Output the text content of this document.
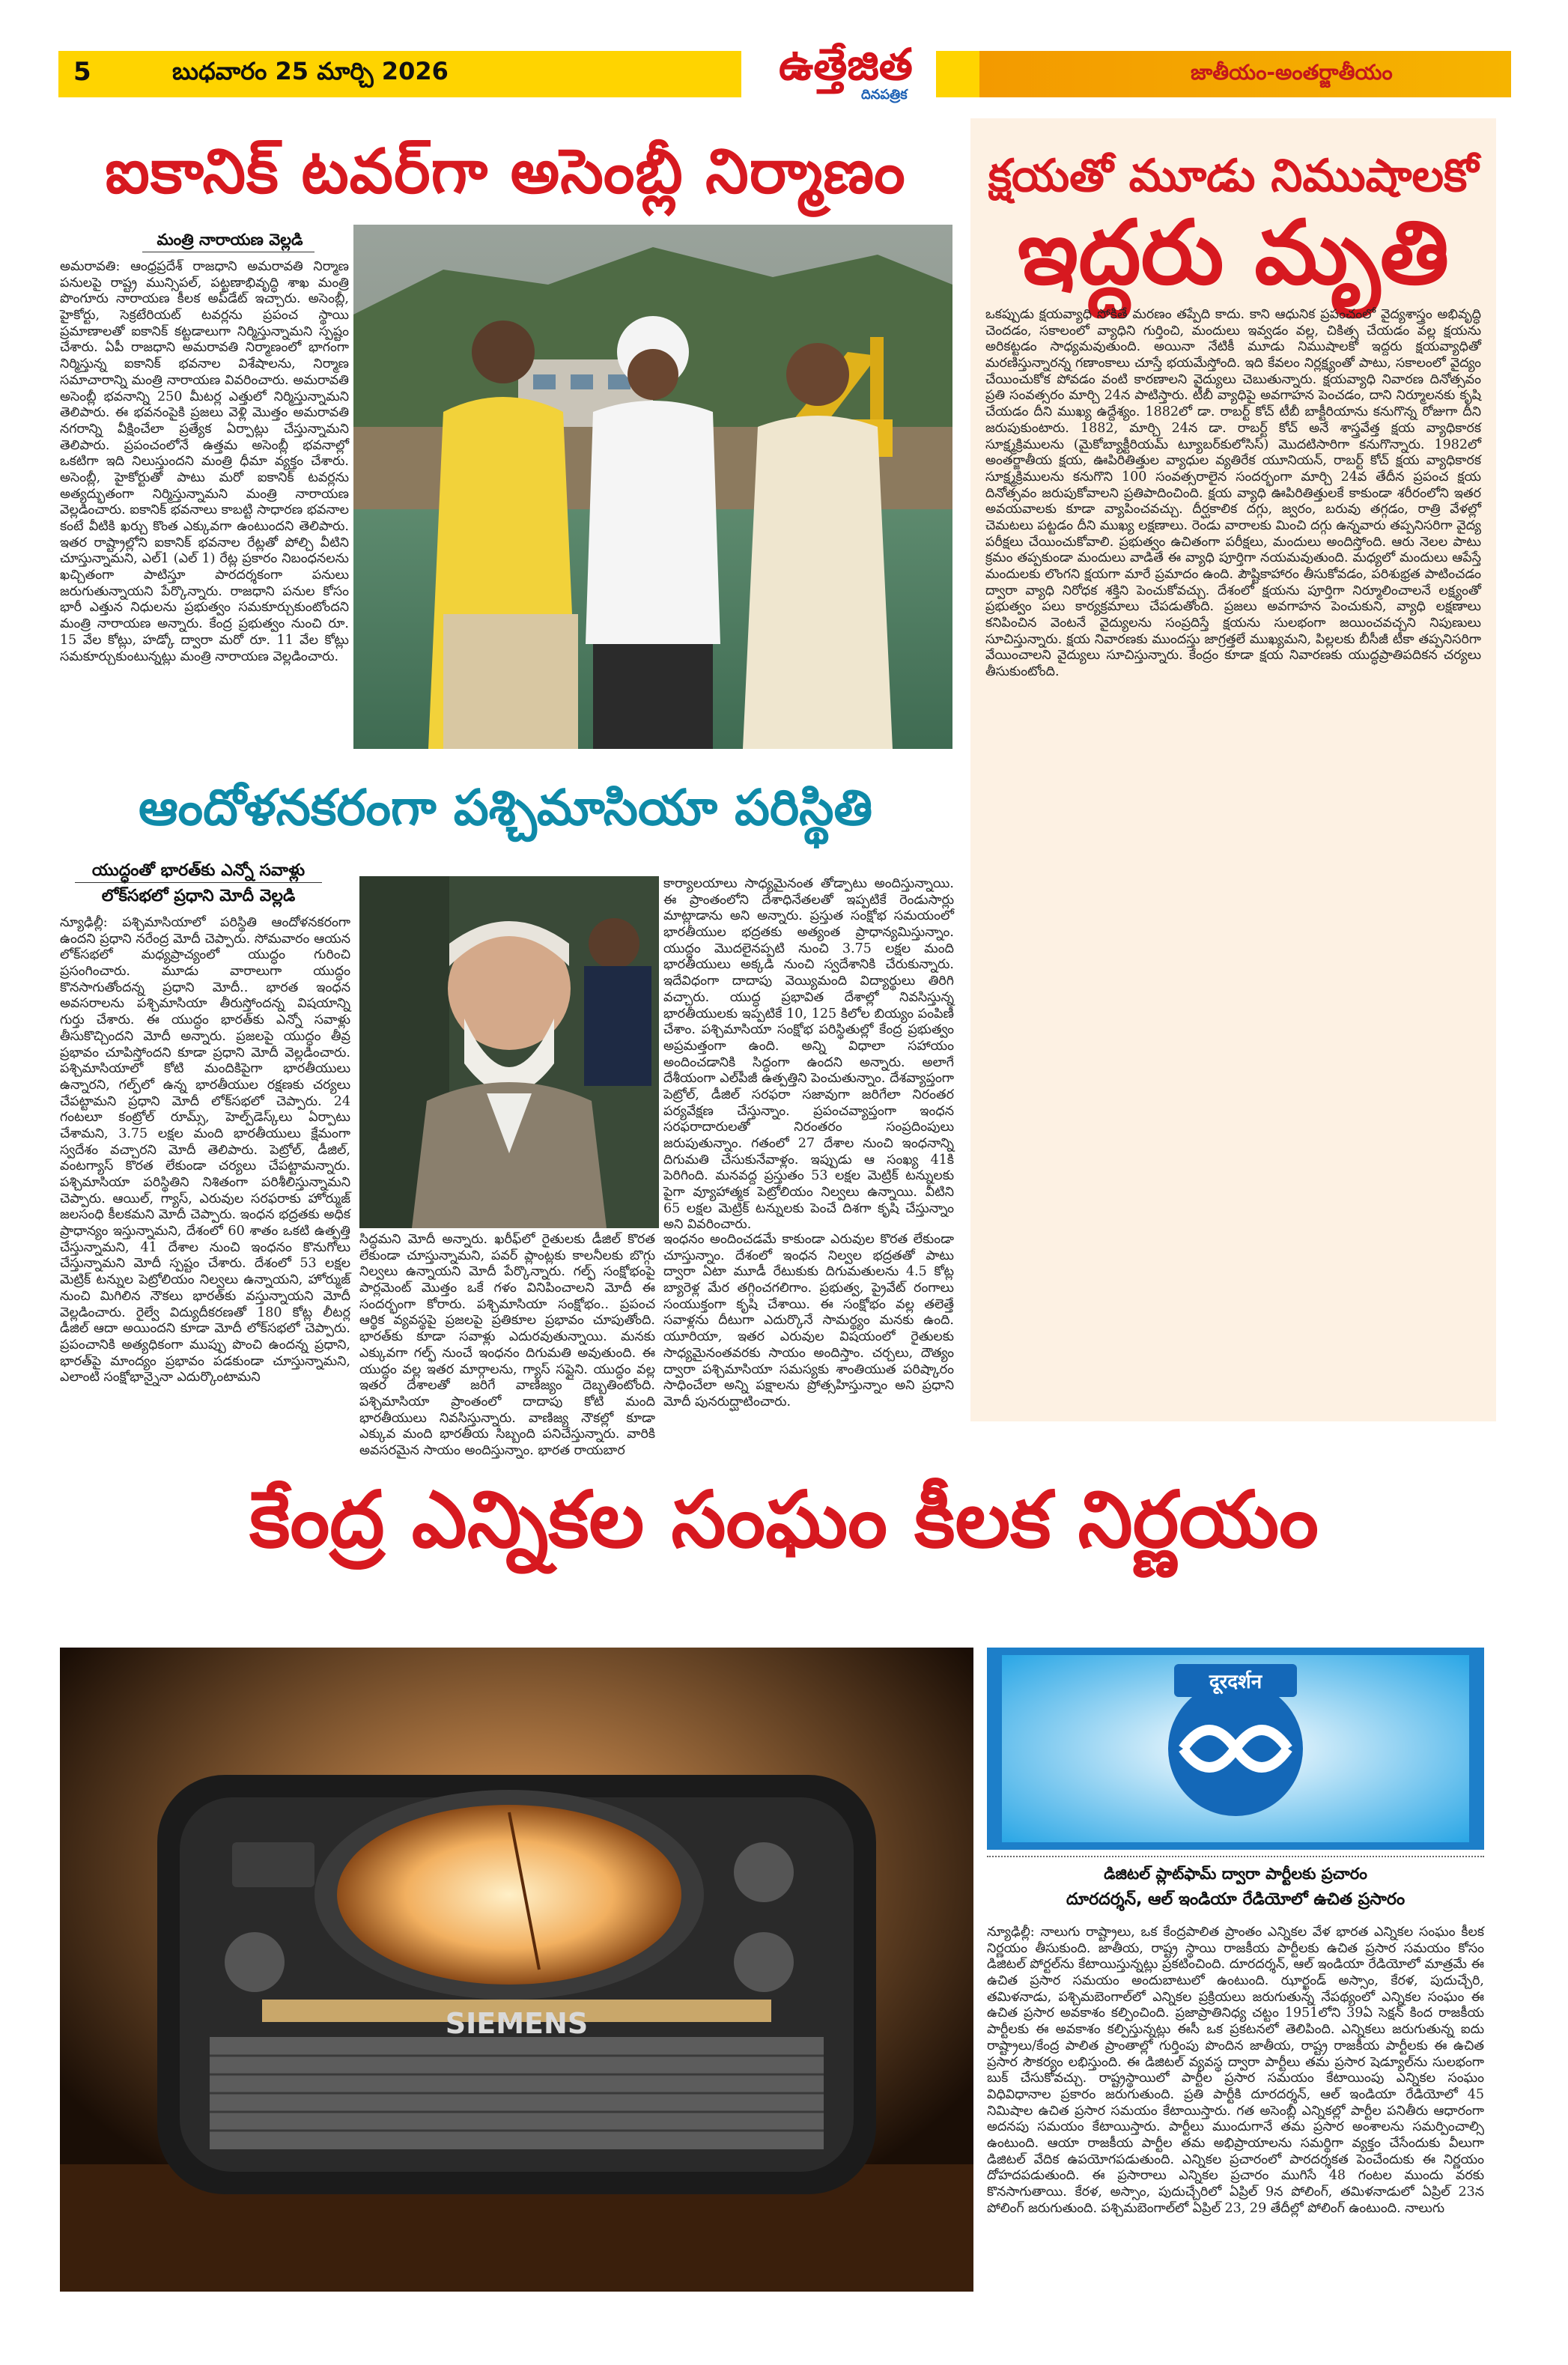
5	బుధవారం 25 మార్చి 2026	ఉత్తేజిత
దినపత్రిక
జాతీయం-అంతర్జాతీయం
ఐకానిక్ టవర్‌గా అసెంబ్లీ నిర్మాణం
మంత్రి నారాయణ వెల్లడి

అమరావతి: ఆంధ్రప్రదేశ్ రాజధాని అమరావతి నిర్మాణ పనులపై రాష్ట్ర మున్సిపల్, పట్టణాభివృద్ధి శాఖ మంత్రి పొంగూరు నారాయణ కీలక అప్‌డేట్ ఇచ్చారు. అసెంబ్లీ, హైకోర్టు, సెక్రటేరియట్ టవర్లను ప్రపంచ స్థాయి ప్రమాణాలతో ఐకానిక్ కట్టడాలుగా నిర్మిస్తున్నామని స్పష్టం చేశారు. ఏపీ రాజధాని అమరావతి నిర్మాణంలో భాగంగా నిర్మిస్తున్న ఐకానిక్ భవనాల విశేషాలను, నిర్మాణ సమాచారాన్ని మంత్రి నారాయణ వివరించారు. అమరావతి అసెంబ్లీ భవనాన్ని 250 మీటర్ల ఎత్తులో నిర్మిస్తున్నామని తెలిపారు. ఈ భవనంపైకి ప్రజలు వెళ్లి మొత్తం అమరావతి నగరాన్ని వీక్షించేలా ప్రత్యేక ఏర్పాట్లు చేస్తున్నామని తెలిపారు. ప్రపంచంలోనే ఉత్తమ అసెంబ్లీ భవనాల్లో ఒకటిగా ఇది నిలుస్తుందని మంత్రి ధీమా వ్యక్తం చేశారు. అసెంబ్లీ, హైకోర్టుతో పాటు మరో ఐకానిక్ టవర్లను అత్యద్భుతంగా నిర్మిస్తున్నామని మంత్రి నారాయణ వెల్లడించారు. ఐకానిక్ భవనాలు కాబట్టి సాధారణ భవనాల కంటే వీటికి ఖర్చు కొంత ఎక్కువగా ఉంటుందని తెలిపారు. ఇతర రాష్ట్రాల్లోని ఐకానిక్ భవనాల రేట్లతో పోల్చి వీటిని చూస్తున్నామని, ఎల్‌1 (ఎల్‌ 1) రేట్ల ప్రకారం నిబంధనలను ఖచ్చితంగా పాటిస్తూ పారదర్శకంగా పనులు జరుగుతున్నాయని పేర్కొన్నారు. రాజధాని పనుల కోసం భారీ ఎత్తున నిధులను ప్రభుత్వం సమకూర్చుకుంటోందని మంత్రి నారాయణ అన్నారు. కేంద్ర ప్రభుత్వం నుంచి రూ. 15 వేల కోట్లు, హడ్కో ద్వారా మరో రూ. 11 వేల కోట్లు సమకూర్చుకుంటున్నట్లు మంత్రి నారాయణ వెల్లడించారు.

ఆందోళనకరంగా పశ్చిమాసియా పరిస్థితి
యుద్ధంతో భారత్‌కు ఎన్నో సవాళ్లు
లోక్‌సభలో ప్రధాని మోదీ వెల్లడి

న్యూఢిల్లీ: పశ్చిమాసియాలో పరిస్థితి ఆందోళనకరంగా ఉందని ప్రధాని నరేంద్ర మోదీ చెప్పారు. సోమవారం ఆయన లోక్‌సభలో మధ్యప్రాచ్యంలో యుద్ధం గురించి ప్రసంగించారు. మూడు వారాలుగా యుద్ధం కొనసాగుతోందన్న ప్రధాని మోదీ.. భారత ఇంధన అవసరాలను పశ్చిమాసియా తీరుస్తోందన్న విషయాన్ని గుర్తు చేశారు. ఈ యుద్ధం భారత్‌కు ఎన్నో సవాళ్లు తీసుకొచ్చిందని మోదీ అన్నారు. ప్రజలపై యుద్ధం తీవ్ర ప్రభావం చూపిస్తోందని కూడా ప్రధాని మోదీ వెల్లడించారు. పశ్చిమాసియాలో కోటి మందికిపైగా భారతీయులు ఉన్నారని, గల్ఫ్‌లో ఉన్న భారతీయుల రక్షణకు చర్యలు చేపట్టామని ప్రధాని మోదీ లోక్‌సభలో చెప్పారు. 24 గంటలూ కంట్రోల్ రూమ్స్, హెల్ప్‌డెస్క్‌లు ఏర్పాటు చేశామని, 3.75 లక్షల మంది భారతీయులు క్షేమంగా స్వదేశం వచ్చారని మోదీ తెలిపారు. పెట్రోల్, డీజిల్, వంటగ్యాస్ కొరత లేకుండా చర్యలు చేపట్టామన్నారు. పశ్చిమాసియా పరిస్థితిని నిశితంగా పరిశీలిస్తున్నామని చెప్పారు. ఆయిల్, గ్యాస్, ఎరువుల సరఫరాకు హోర్ముజ్ జలసంధి కీలకమని మోదీ చెప్పారు. ఇంధన భద్రతకు అధిక ప్రాధాన్యం ఇస్తున్నామని, దేశంలో 60 శాతం ఒకటి ఉత్పత్తి చేస్తున్నామని, 41 దేశాల నుంచి ఇంధనం కొనుగోలు చేస్తున్నామని మోదీ స్పష్టం చేశారు. దేశంలో 53 లక్షల మెట్రిక్ టన్నుల పెట్రోలియం నిల్వలు ఉన్నాయని, హోర్ముజ్ నుంచి మిగిలిన నౌకలు భారత్‌కు వస్తున్నాయని మోదీ వెల్లడించారు. రైల్వే విద్యుదీకరణతో 180 కోట్ల లీటర్ల డీజిల్ ఆదా అయిందని కూడా మోదీ లోక్‌సభలో చెప్పారు. ప్రపంచానికి అత్యధికంగా ముప్పు పొంచి ఉందన్న ప్రధాని, భారత్‌పై మాంద్యం ప్రభావం పడకుండా చూస్తున్నామని, ఎలాంటి సంక్షోభాన్నైనా ఎదుర్కొంటామని

కార్యాలయాలు సాధ్యమైనంత తోడ్పాటు అందిస్తున్నాయి. ఈ ప్రాంతంలోని దేశాధినేతలతో ఇప్పటికే రెండుసార్లు మాట్లాడాను అని అన్నారు. ప్రస్తుత సంక్షోభ సమయంలో భారతీయుల భద్రతకు అత్యంత ప్రాధాన్యమిస్తున్నాం. యుద్ధం మొదలైనప్పటి నుంచి 3.75 లక్షల మంది భారతీయులు అక్కడి నుంచి స్వదేశానికి చేరుకున్నారు. ఇదేవిధంగా దాదాపు వెయ్యిమంది విద్యార్థులు తిరిగి వచ్చారు. యుద్ధ ప్రభావిత దేశాల్లో నివసిస్తున్న భారతీయులకు ఇప్పటికే 10, 125 కిలోల బియ్యం పంపిణీ చేశాం. పశ్చిమాసియా సంక్షోభ పరిస్థితుల్లో కేంద్ర ప్రభుత్వం అప్రమత్తంగా ఉంది. అన్ని విధాలా సహాయం అందించడానికి సిద్ధంగా ఉందని అన్నారు. అలాగే దేశీయంగా ఎల్‌పీజీ ఉత్పత్తిని పెంచుతున్నాం. దేశవ్యాప్తంగా పెట్రోల్, డీజిల్ సరఫరా సజావుగా జరిగేలా నిరంతర పర్యవేక్షణ చేస్తున్నాం. ప్రపంచవ్యాప్తంగా ఇంధన సరఫరాదారులతో నిరంతరం సంప్రదింపులు జరుపుతున్నాం. గతంలో 27 దేశాల నుంచి ఇంధనాన్ని దిగుమతి చేసుకునేవాళ్లం. ఇప్పుడు ఆ సంఖ్య 41కి పెరిగింది. మనవద్ద ప్రస్తుతం 53 లక్షల మెట్రిక్ టన్నులకు పైగా వ్యూహాత్మక పెట్రోలియం నిల్వలు ఉన్నాయి. వీటిని 65 లక్షల మెట్రిక్ టన్నులకు పెంచే దిశగా కృషి చేస్తున్నాం అని వివరించారు.

సిద్ధమని మోదీ అన్నారు. ఖరీఫ్‌లో రైతులకు డీజిల్ కొరత లేకుండా చూస్తున్నామని, పవర్ ప్లాంట్లకు కాలనీలకు బొగ్గు నిల్వలు ఉన్నాయని మోదీ పేర్కొన్నారు. గల్ఫ్ సంక్షోభంపై పార్లమెంట్ మొత్తం ఒకే గళం వినిపించాలని మోదీ ఈ సందర్భంగా కోరారు. పశ్చిమాసియా సంక్షోభం.. ప్రపంచ ఆర్థిక వ్యవస్థపై ప్రజలపై ప్రతికూల ప్రభావం చూపుతోంది. భారత్‌కు కూడా సవాళ్లు ఎదురవుతున్నాయి. మనకు ఎక్కువగా గల్ఫ్ నుంచే ఇంధనం దిగుమతి అవుతుంది. ఈ యుద్ధం వల్ల ఇతర మార్గాలను, గ్యాస్ సప్లైని. యుద్ధం వల్ల ఇతర దేశాలతో జరిగే వాణిజ్యం దెబ్బతింటోంది. పశ్చిమాసియా ప్రాంతంలో దాదాపు కోటి మంది భారతీయులు నివసిస్తున్నారు. వాణిజ్య నౌకల్లో కూడా ఎక్కువ మంది భారతీయ సిబ్బంది పనిచేస్తున్నారు. వారికి అవసరమైన సాయం అందిస్తున్నాం. భారత రాయబార

ఇంధనం అందించడమే కాకుండా ఎరువుల కొరత లేకుండా చూస్తున్నాం. దేశంలో ఇంధన నిల్వల భద్రతతో పాటు ద్వారా ఏటా మూడీ రేటుకుకు దిగుమతులను 4.5 కోట్ల బ్యారెళ్ల మేర తగ్గించగలిగాం. ప్రభుత్వ, ప్రైవేట్ రంగాలు సంయుక్తంగా కృషి చేశాయి. ఈ సంక్షోభం వల్ల తలెత్తే సవాళ్లను దీటుగా ఎదుర్కొనే సామర్థ్యం మనకు ఉంది. యూరియా, ఇతర ఎరువుల విషయంలో రైతులకు సాధ్యమైనంతవరకు సాయం అందిస్తాం. చర్చలు, దౌత్యం ద్వారా పశ్చిమాసియా సమస్యకు శాంతియుత పరిష్కారం సాధించేలా అన్ని పక్షాలను ప్రోత్సహిస్తున్నాం అని ప్రధాని మోదీ పునరుద్ఘాటించారు.

క్షయతో మూడు నిముషాలకో
ఇద్దరు మృతి

ఒకప్పుడు క్షయవ్యాధి సోకితే మరణం తప్పేది కాదు. కాని ఆధునిక ప్రపంచంలో వైద్యశాస్త్రం అభివృద్ధి చెందడం, సకాలంలో వ్యాధిని గుర్తించి, మందులు ఇవ్వడం వల్ల, చికిత్స చేయడం వల్ల క్షయను అరికట్టడం సాధ్యమవుతుంది. అయినా నేటికీ మూడు నిముషాలకో ఇద్దరు క్షయవ్యాధితో మరణిస్తున్నారన్న గణాంకాలు చూస్తే భయమేస్తోంది. ఇది కేవలం నిర్లక్ష్యంతో పాటు, సకాలంలో వైద్యం చేయించుకోక పోవడం వంటి కారణాలని వైద్యులు చెబుతున్నారు. క్షయవ్యాధి నివారణ దినోత్సవం ప్రతి సంవత్సరం మార్చి 24న పాటిస్తారు. టీబీ వ్యాధిపై అవగాహన పెంచడం, దాని నిర్మూలనకు కృషి చేయడం దీని ముఖ్య ఉద్దేశ్యం. 1882లో డా. రాబర్ట్ కోచ్ టీబీ బాక్టీరియాను కనుగొన్న రోజుగా దీని జరుపుకుంటారు. 1882, మార్చి 24న డా. రాబర్ట్ కోచ్ అనే శాస్త్రవేత్త క్షయ వ్యాధికారక సూక్ష్మక్రిములను (మైకోబ్యాక్టీరియమ్ ట్యూబర్‌కులోసిస్) మొదటిసారిగా కనుగొన్నారు. 1982లో అంతర్జాతీయ క్షయ, ఊపిరితిత్తుల వ్యాధుల వ్యతిరేక యూనియన్, రాబర్ట్ కోచ్ క్షయ వ్యాధికారక సూక్ష్మక్రిములను కనుగొని 100 సంవత్సరాలైన సందర్భంగా మార్చి 24వ తేదీన ప్రపంచ క్షయ దినోత్సవం జరుపుకోవాలని ప్రతిపాదించింది. క్షయ వ్యాధి ఊపిరితిత్తులకే కాకుండా శరీరంలోని ఇతర అవయవాలకు కూడా వ్యాపించవచ్చు. దీర్ఘకాలిక దగ్గు, జ్వరం, బరువు తగ్గడం, రాత్రి వేళల్లో చెమటలు పట్టడం దీని ముఖ్య లక్షణాలు. రెండు వారాలకు మించి దగ్గు ఉన్నవారు తప్పనిసరిగా వైద్య పరీక్షలు చేయించుకోవాలి. ప్రభుత్వం ఉచితంగా పరీక్షలు, మందులు అందిస్తోంది. ఆరు నెలల పాటు క్రమం తప్పకుండా మందులు వాడితే ఈ వ్యాధి పూర్తిగా నయమవుతుంది. మధ్యలో మందులు ఆపేస్తే మందులకు లొంగని క్షయగా మారే ప్రమాదం ఉంది. పౌష్టికాహారం తీసుకోవడం, పరిశుభ్రత పాటించడం ద్వారా వ్యాధి నిరోధక శక్తిని పెంచుకోవచ్చు. దేశంలో క్షయను పూర్తిగా నిర్మూలించాలనే లక్ష్యంతో ప్రభుత్వం పలు కార్యక్రమాలు చేపడుతోంది. ప్రజలు అవగాహన పెంచుకుని, వ్యాధి లక్షణాలు కనిపించిన వెంటనే వైద్యులను సంప్రదిస్తే క్షయను సులభంగా జయించవచ్చని నిపుణులు సూచిస్తున్నారు. క్షయ నివారణకు ముందస్తు జాగ్రత్తలే ముఖ్యమని, పిల్లలకు బీసీజీ టీకా తప్పనిసరిగా వేయించాలని వైద్యులు సూచిస్తున్నారు. కేంద్రం కూడా క్షయ నివారణకు యుద్ధప్రాతిపదికన చర్యలు తీసుకుంటోంది.

కేంద్ర ఎన్నికల సంఘం కీలక నిర్ణయం
SIEMENS
दूरदर्शन
డిజిటల్ ప్లాట్‌ఫామ్ ద్వారా పార్టీలకు ప్రచారం
దూరదర్శన్, ఆల్ ఇండియా రేడియోలో ఉచిత ప్రసారం

న్యూఢిల్లీ: నాలుగు రాష్ట్రాలు, ఒక కేంద్రపాలిత ప్రాంతం ఎన్నికల వేళ భారత ఎన్నికల సంఘం కీలక నిర్ణయం తీసుకుంది. జాతీయ, రాష్ట్ర స్థాయి రాజకీయ పార్టీలకు ఉచిత ప్రసార సమయం కోసం డిజిటల్ పోర్టల్‌ను కేటాయిస్తున్నట్లు ప్రకటించింది. దూరదర్శన్, ఆల్ ఇండియా రేడియోలో మాత్రమే ఈ ఉచిత ప్రసార సమయం అందుబాటులో ఉంటుంది. ఝార్ఖండ్ అస్సాం, కేరళ, పుదుచ్చేరి, తమిళనాడు, పశ్చిమబెంగాల్‌లో ఎన్నికల ప్రక్రియలు జరుగుతున్న నేపథ్యంలో ఎన్నికల సంఘం ఈ ఉచిత ప్రసార అవకాశం కల్పించింది. ప్రజాప్రాతినిధ్య చట్టం 1951లోని 39ఏ సెక్షన్ కింద రాజకీయ పార్టీలకు ఈ అవకాశం కల్పిస్తున్నట్లు ఈసీ ఒక ప్రకటనలో తెలిపింది. ఎన్నికలు జరుగుతున్న ఐదు రాష్ట్రాలు/కేంద్ర పాలిత ప్రాంతాల్లో గుర్తింపు పొందిన జాతీయ, రాష్ట్ర రాజకీయ పార్టీలకు ఈ ఉచిత ప్రసార సౌకర్యం లభిస్తుంది. ఈ డిజిటల్ వ్యవస్థ ద్వారా పార్టీలు తమ ప్రసార షెడ్యూల్‌ను సులభంగా బుక్ చేసుకోవచ్చు. రాష్ట్రస్థాయిలో పార్టీల ప్రసార సమయం కేటాయింపు ఎన్నికల సంఘం విధివిధానాల ప్రకారం జరుగుతుంది. ప్రతి పార్టీకి దూరదర్శన్, ఆల్ ఇండియా రేడియోలో 45 నిమిషాల ఉచిత ప్రసార సమయం కేటాయిస్తారు. గత అసెంబ్లీ ఎన్నికల్లో పార్టీల పనితీరు ఆధారంగా అదనపు సమయం కేటాయిస్తారు. పార్టీలు ముందుగానే తమ ప్రసార అంశాలను సమర్పించాల్సి ఉంటుంది. ఆయా రాజకీయ పార్టీల తమ అభిప్రాయాలను సమర్థిగా వ్యక్తం చేసేందుకు వీలుగా డిజిటల్ వేదిక ఉపయోగపడుతుంది. ఎన్నికల ప్రచారంలో పారదర్శకత పెంచేందుకు ఈ నిర్ణయం దోహదపడుతుంది. ఈ ప్రసారాలు ఎన్నికల ప్రచారం ముగిసే 48 గంటల ముందు వరకు కొనసాగుతాయి. కేరళ, అస్సాం, పుదుచ్చేరిలో ఏప్రిల్ 9న పోలింగ్, తమిళనాడులో ఏప్రిల్ 23న పోలింగ్ జరుగుతుంది. పశ్చిమబెంగాల్‌లో ఏప్రిల్ 23, 29 తేదీల్లో పోలింగ్ ఉంటుంది. నాలుగు
